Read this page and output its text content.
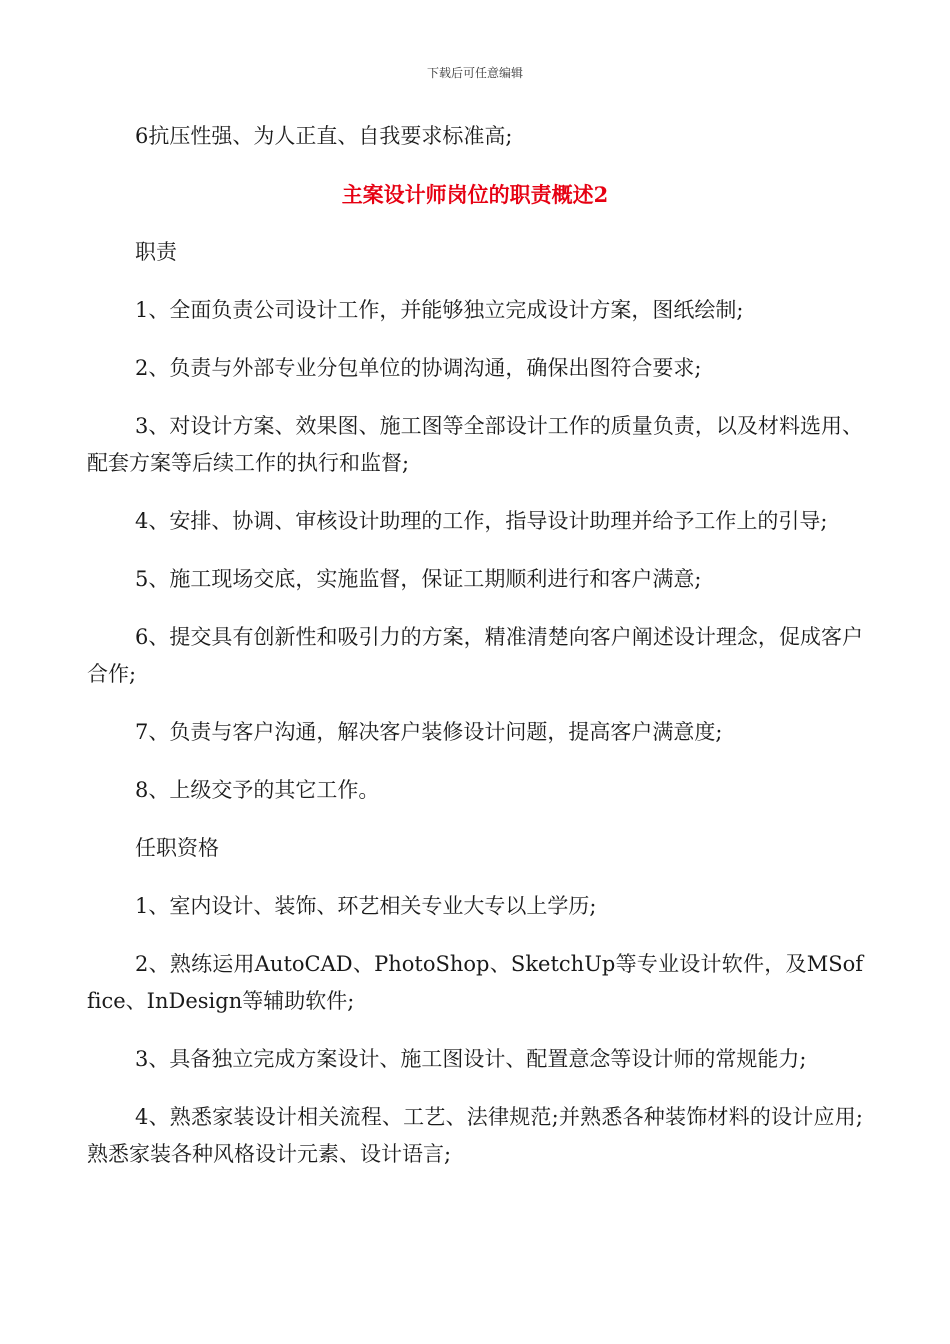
下载后可任意编辑

6抗压性强、为人正直、自我要求标准高;

主案设计师岗位的职责概述2

职责

1、全面负责公司设计工作，并能够独立完成设计方案，图纸绘制;

2、负责与外部专业分包单位的协调沟通，确保出图符合要求;

3、对设计方案、效果图、施工图等全部设计工作的质量负责，以及材料选用、配套方案等后续工作的执行和监督;

4、安排、协调、审核设计助理的工作，指导设计助理并给予工作上的引导;

5、施工现场交底，实施监督，保证工期顺利进行和客户满意;

6、提交具有创新性和吸引力的方案，精准清楚向客户阐述设计理念，促成客户合作;

7、负责与客户沟通，解决客户装修设计问题，提高客户满意度;

8、上级交予的其它工作。

任职资格

1、室内设计、装饰、环艺相关专业大专以上学历;

2、熟练运用AutoCAD、PhotoShop、SketchUp等专业设计软件，及MSoffice、InDesign等辅助软件;

3、具备独立完成方案设计、施工图设计、配置意念等设计师的常规能力;

4、熟悉家装设计相关流程、工艺、法律规范;并熟悉各种装饰材料的设计应用;熟悉家装各种风格设计元素、设计语言;
